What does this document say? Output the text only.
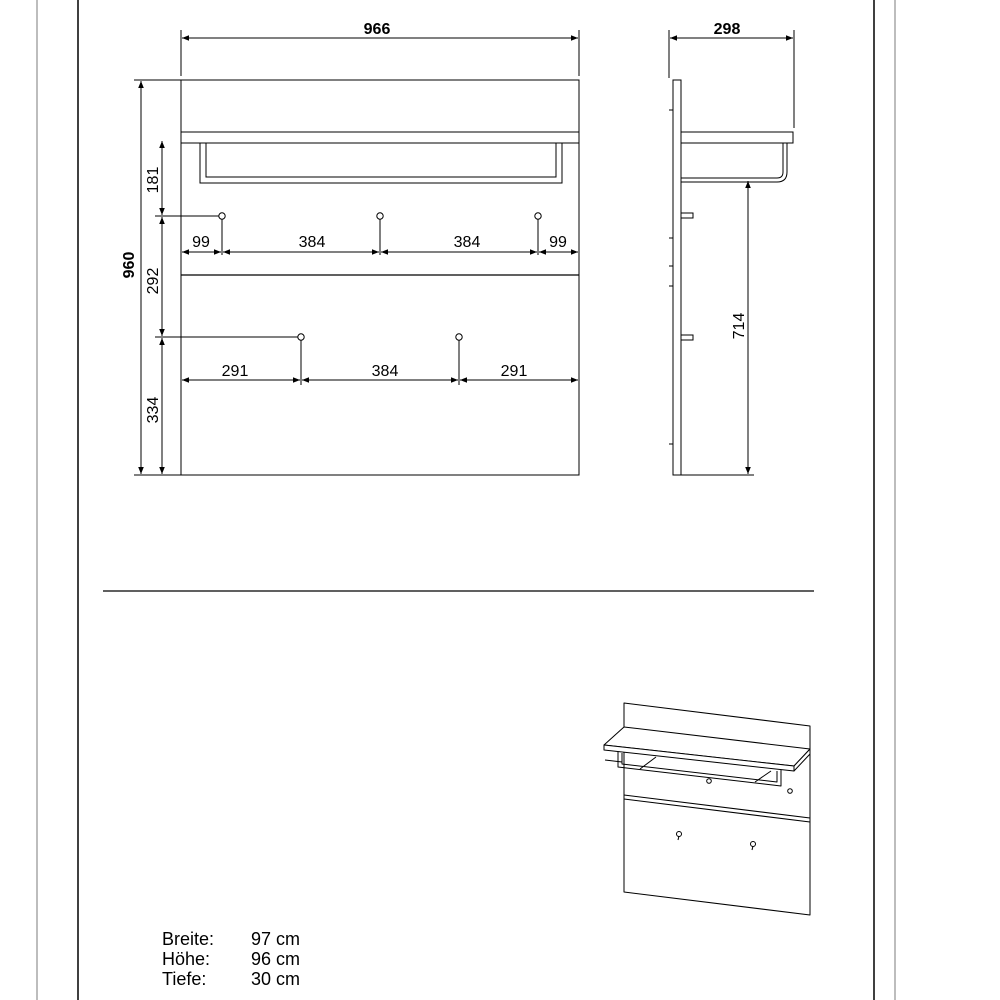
966
960
181
292
334
99	384	384	99
291	384	291
298
714
Breite:	97 cm
Höhe:	96 cm
Tiefe:	30 cm
